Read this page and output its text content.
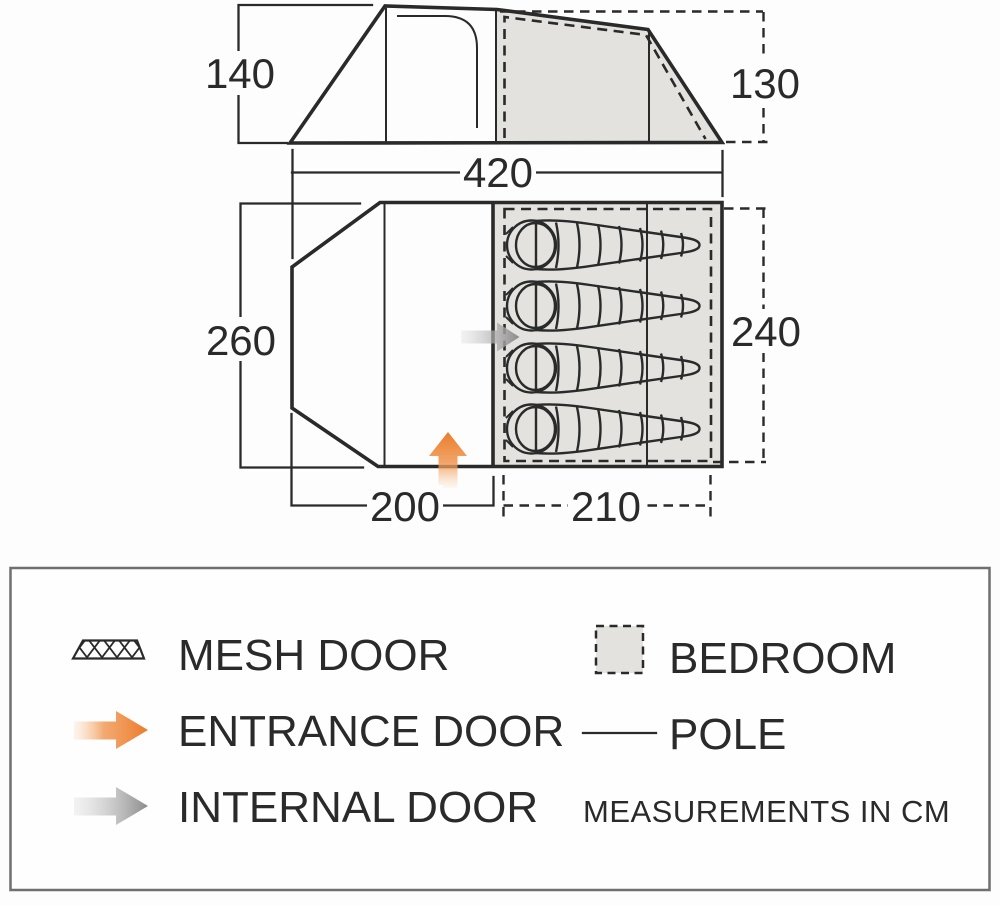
130
140
420
260	240
200	210
MESH DOOR
ENTRANCE DOOR
INTERNAL DOOR
BEDROOM
POLE
MEASUREMENTS IN CM
